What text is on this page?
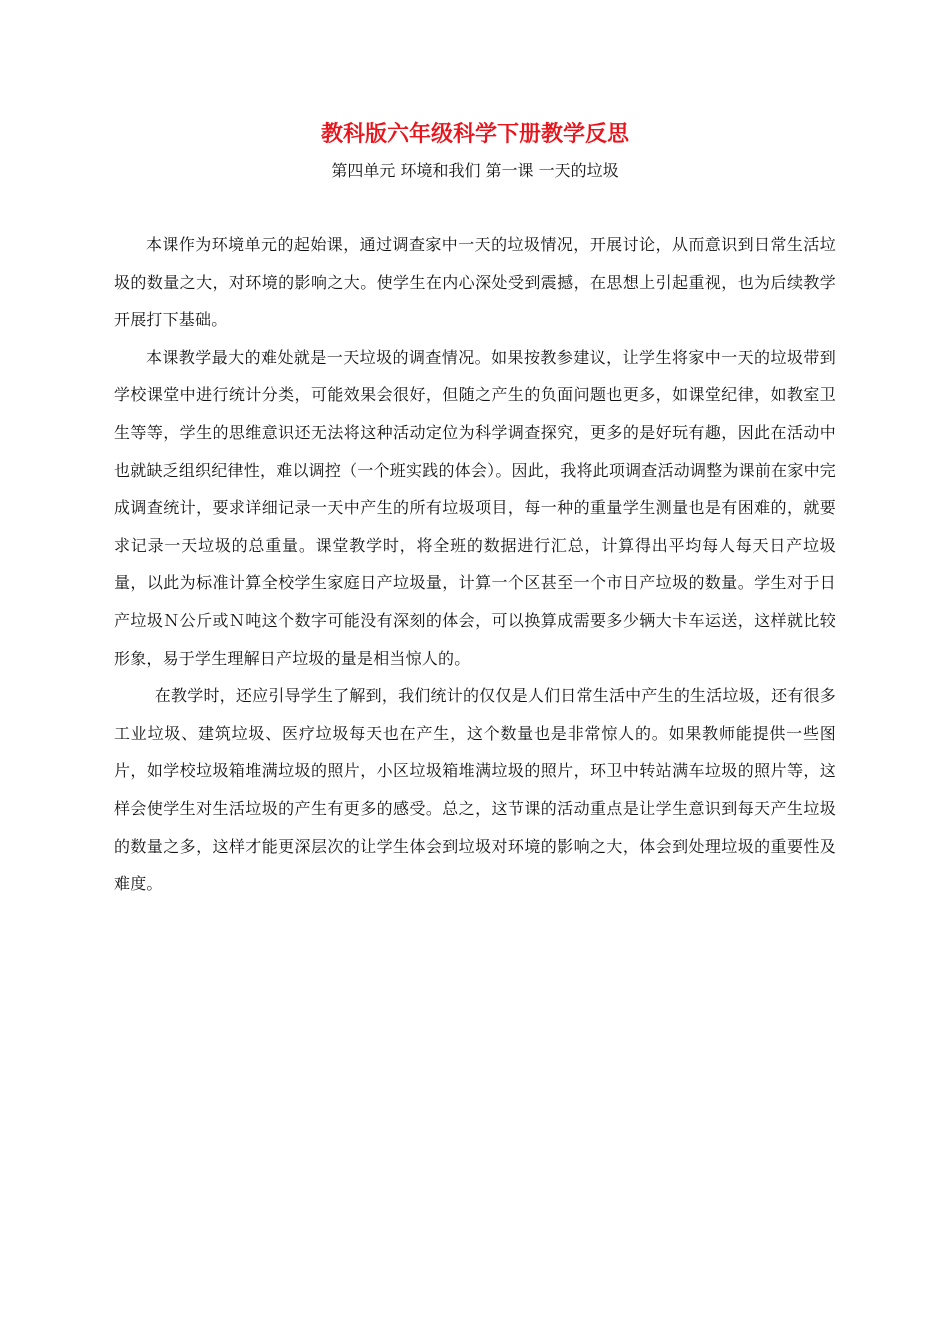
教科版六年级科学下册教学反思

第四单元 环境和我们 第一课 一天的垃圾

本课作为环境单元的起始课，通过调查家中一天的垃圾情况，开展讨论，从而意识到日常生活垃圾的数量之大，对环境的影响之大。使学生在内心深处受到震撼，在思想上引起重视，也为后续教学开展打下基础。

本课教学最大的难处就是一天垃圾的调查情况。如果按教参建议，让学生将家中一天的垃圾带到学校课堂中进行统计分类，可能效果会很好，但随之产生的负面问题也更多，如课堂纪律，如教室卫生等等，学生的思维意识还无法将这种活动定位为科学调查探究，更多的是好玩有趣，因此在活动中也就缺乏组织纪律性，难以调控（一个班实践的体会）。因此，我将此项调查活动调整为课前在家中完成调查统计，要求详细记录一天中产生的所有垃圾项目，每一种的重量学生测量也是有困难的，就要求记录一天垃圾的总重量。课堂教学时，将全班的数据进行汇总，计算得出平均每人每天日产垃圾量，以此为标准计算全校学生家庭日产垃圾量，计算一个区甚至一个市日产垃圾的数量。学生对于日产垃圾Ｎ公斤或Ｎ吨这个数字可能没有深刻的体会，可以换算成需要多少辆大卡车运送，这样就比较形象，易于学生理解日产垃圾的量是相当惊人的。

在教学时，还应引导学生了解到，我们统计的仅仅是人们日常生活中产生的生活垃圾，还有很多工业垃圾、建筑垃圾、医疗垃圾每天也在产生，这个数量也是非常惊人的。如果教师能提供一些图片，如学校垃圾箱堆满垃圾的照片，小区垃圾箱堆满垃圾的照片，环卫中转站满车垃圾的照片等，这样会使学生对生活垃圾的产生有更多的感受。总之，这节课的活动重点是让学生意识到每天产生垃圾的数量之多，这样才能更深层次的让学生体会到垃圾对环境的影响之大，体会到处理垃圾的重要性及难度。
